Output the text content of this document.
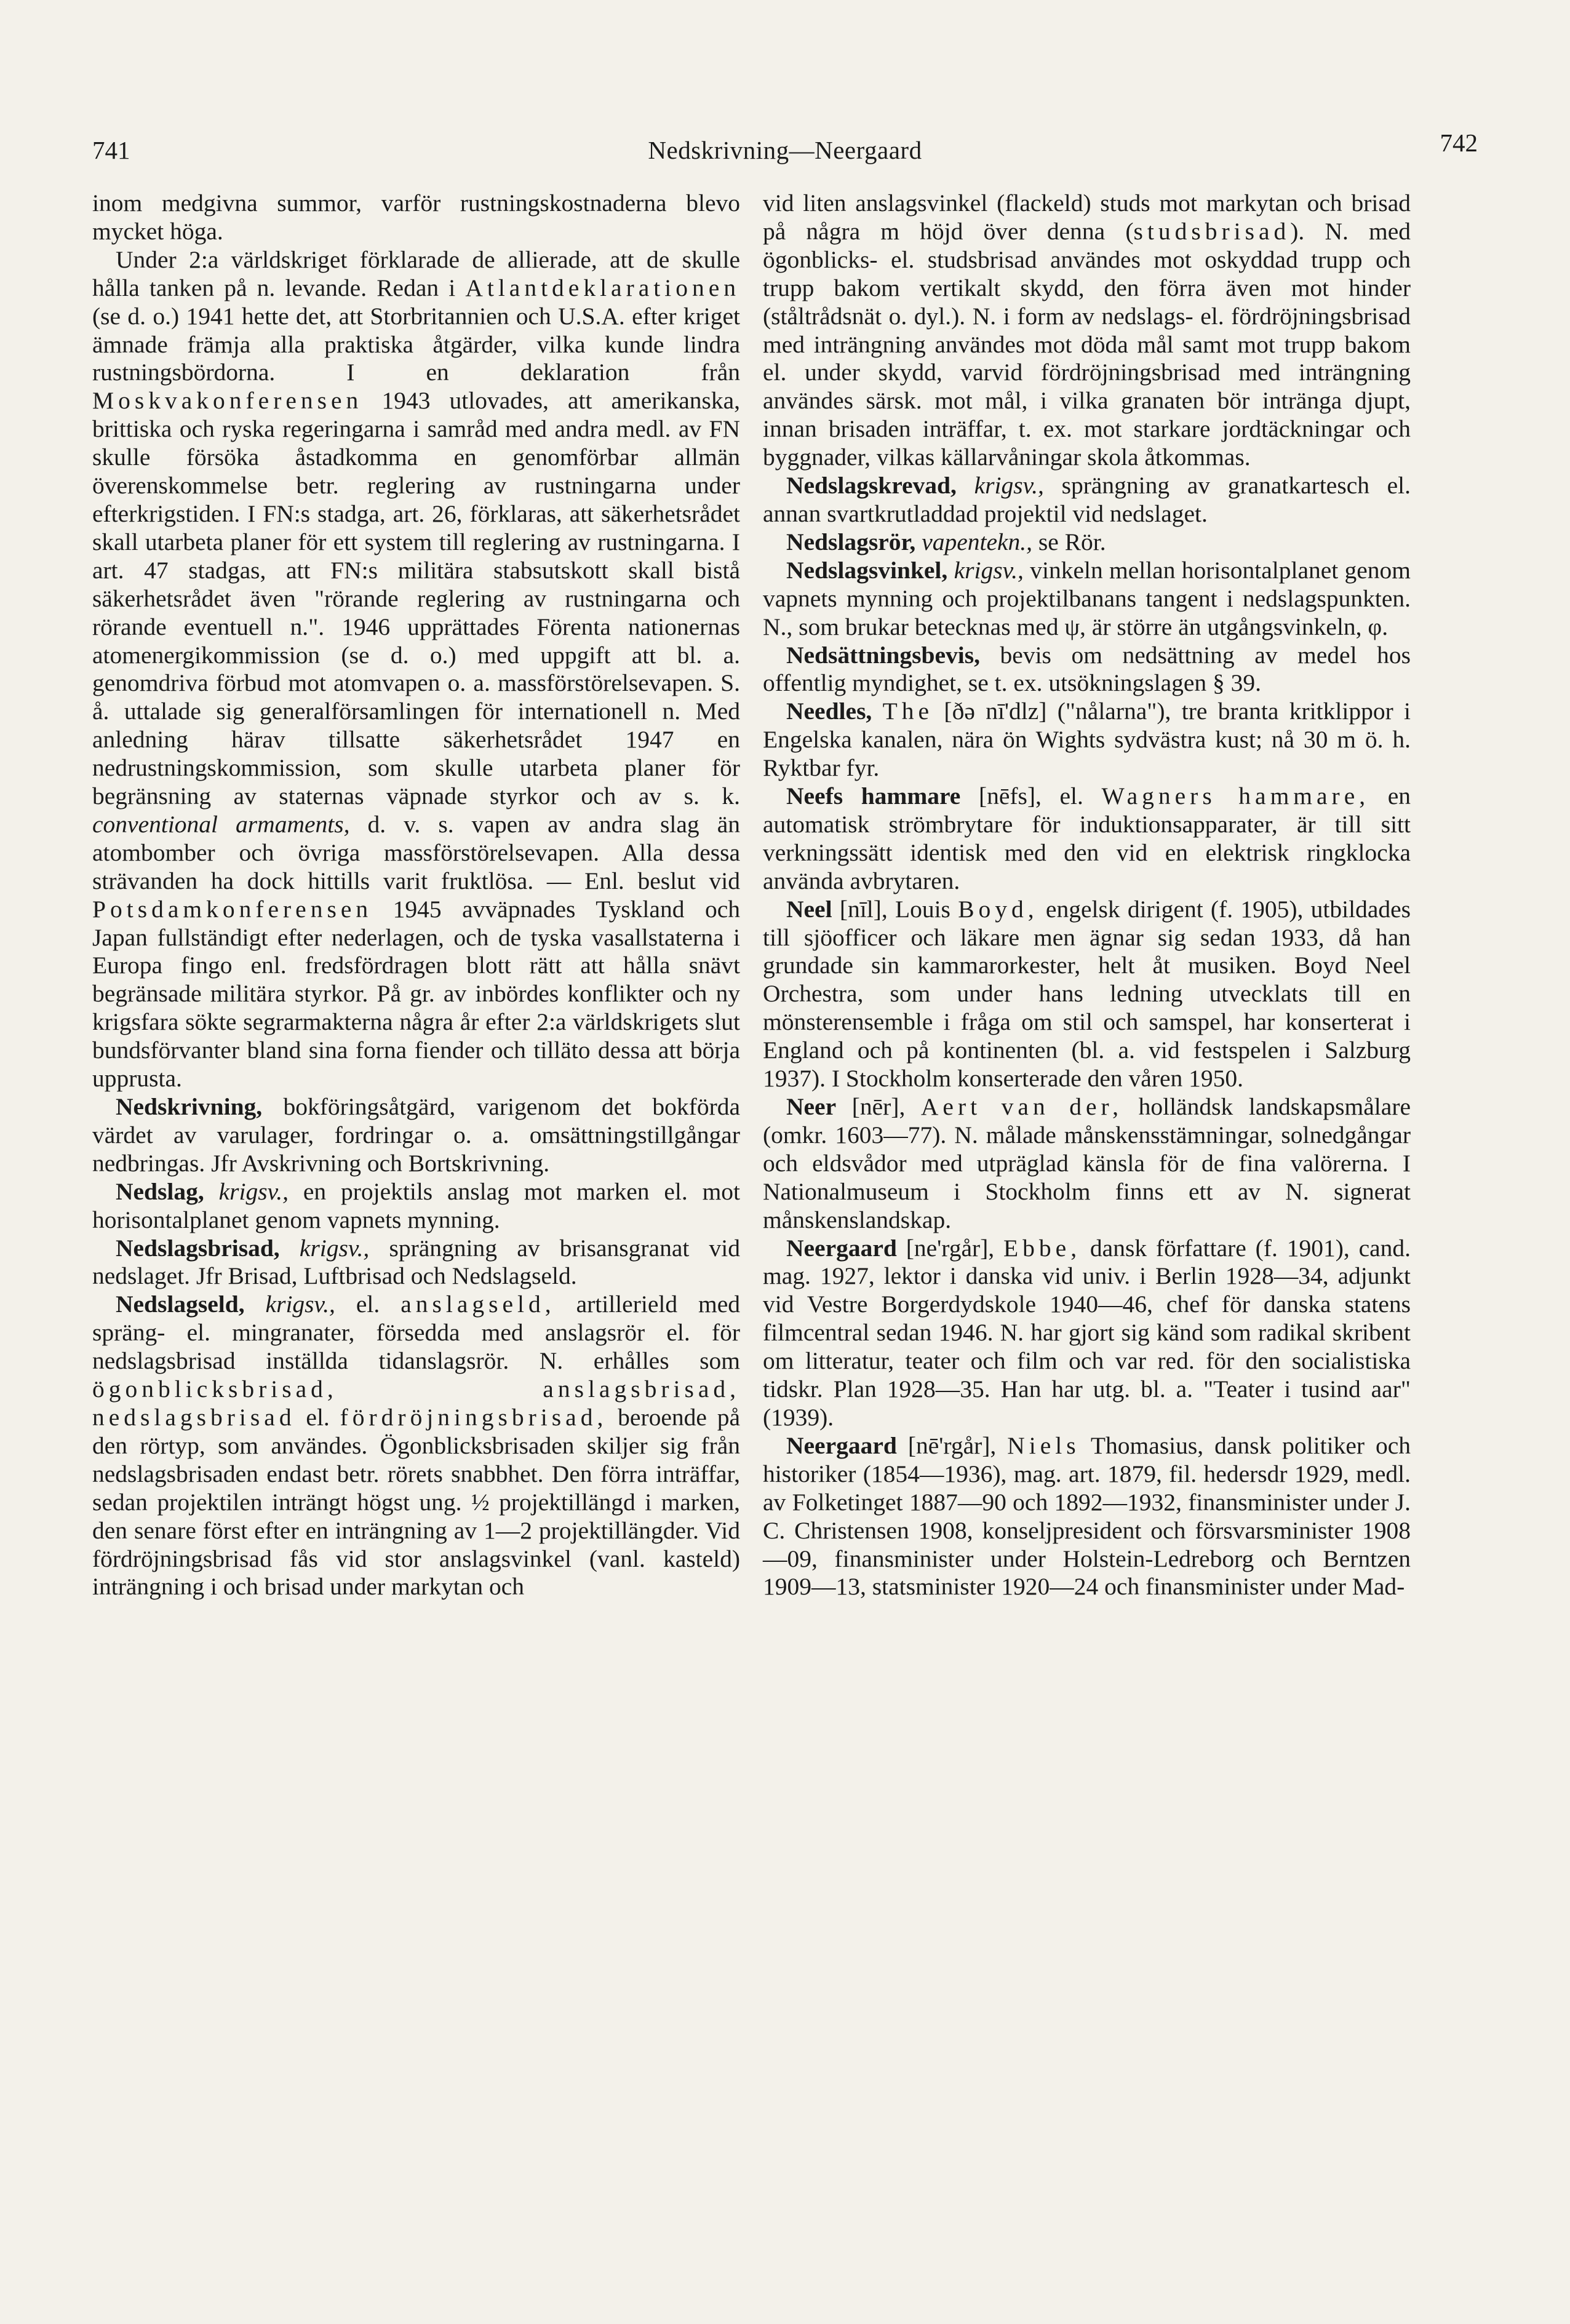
741	Nedskrivning—Neergaard	742

inom medgivna summor, varför rustningskostnaderna blevo mycket höga.

Under 2:a världskriget förklarade de allierade, att de skulle hålla tanken på n. levande. Redan i Atlantdeklarationen (se d. o.) 1941 hette det, att Storbritannien och U.S.A. efter kriget ämnade främja alla praktiska åtgärder, vilka kunde lindra rustningsbördorna. I en deklaration från Moskvakonferensen 1943 utlovades, att amerikanska, brittiska och ryska regeringarna i samråd med andra medl. av FN skulle försöka åstadkomma en genomförbar allmän överenskommelse betr. reglering av rustningarna under efterkrigstiden. I FN:s stadga, art. 26, förklaras, att säkerhetsrådet skall utarbeta planer för ett system till reglering av rustningarna. I art. 47 stadgas, att FN:s militära stabsutskott skall bistå säkerhetsrådet även "rörande reglering av rustningarna och rörande eventuell n.". 1946 upprättades Förenta nationernas atomenergikommission (se d. o.) med uppgift att bl. a. genomdriva förbud mot atomvapen o. a. massförstörelsevapen. S. å. uttalade sig generalförsamlingen för internationell n. Med anledning härav tillsatte säkerhetsrådet 1947 en nedrustningskommission, som skulle utarbeta planer för begränsning av staternas väpnade styrkor och av s. k. conventional armaments, d. v. s. vapen av andra slag än atombomber och övriga massförstörelsevapen. Alla dessa strävanden ha dock hittills varit fruktlösa. — Enl. beslut vid Potsdamkonferensen 1945 avväpnades Tyskland och Japan fullständigt efter nederlagen, och de tyska vasallstaterna i Europa fingo enl. fredsfördragen blott rätt att hålla snävt begränsade militära styrkor. På gr. av inbördes konflikter och ny krigsfara sökte segrarmakterna några år efter 2:a världskrigets slut bundsförvanter bland sina forna fiender och tilläto dessa att börja upprusta.

Nedskrivning, bokföringsåtgärd, varigenom det bokförda värdet av varulager, fordringar o. a. omsättningstillgångar nedbringas. Jfr Avskrivning och Bortskrivning.

Nedslag, krigsv., en projektils anslag mot marken el. mot horisontalplanet genom vapnets mynning.

Nedslagsbrisad, krigsv., sprängning av brisansgranat vid nedslaget. Jfr Brisad, Luftbrisad och Nedslagseld.

Nedslagseld, krigsv., el. anslagseld, artillerield med spräng- el. mingranater, försedda med anslagsrör el. för nedslagsbrisad inställda tidanslagsrör. N. erhålles som ögonblicksbrisad, anslagsbrisad, nedslagsbrisad el. fördröjningsbrisad, beroende på den rörtyp, som användes. Ögonblicksbrisaden skiljer sig från nedslagsbrisaden endast betr. rörets snabbhet. Den förra inträffar, sedan projektilen inträngt högst ung. ½ projektillängd i marken, den senare först efter en inträngning av 1—2 projektillängder. Vid fördröjningsbrisad fås vid stor anslagsvinkel (vanl. kasteld) inträngning i och brisad under markytan och

vid liten anslagsvinkel (flackeld) studs mot markytan och brisad på några m höjd över denna (studsbrisad). N. med ögonblicks- el. studsbrisad användes mot oskyddad trupp och trupp bakom vertikalt skydd, den förra även mot hinder (ståltrådsnät o. dyl.). N. i form av nedslags- el. fördröjningsbrisad med inträngning användes mot döda mål samt mot trupp bakom el. under skydd, varvid fördröjningsbrisad med inträngning användes särsk. mot mål, i vilka granaten bör intränga djupt, innan brisaden inträffar, t. ex. mot starkare jordtäckningar och byggnader, vilkas källarvåningar skola åtkommas.

Nedslagskrevad, krigsv., sprängning av granatkartesch el. annan svartkrutladdad projektil vid nedslaget.

Nedslagsrör, vapentekn., se Rör.

Nedslagsvinkel, krigsv., vinkeln mellan horisontalplanet genom vapnets mynning och projektilbanans tangent i nedslagspunkten. N., som brukar betecknas med ψ, är större än utgångsvinkeln, φ.

Nedsättningsbevis, bevis om nedsättning av medel hos offentlig myndighet, se t. ex. utsökningslagen § 39.

Needles, The [ðə nī'dlz] ("nålarna"), tre branta kritklippor i Engelska kanalen, nära ön Wights sydvästra kust; nå 30 m ö. h. Ryktbar fyr.

Neefs hammare [nēfs], el. Wagners hammare, en automatisk strömbrytare för induktionsapparater, är till sitt verkningssätt identisk med den vid en elektrisk ringklocka använda avbrytaren.

Neel [nīl], Louis Boyd, engelsk dirigent (f. 1905), utbildades till sjöofficer och läkare men ägnar sig sedan 1933, då han grundade sin kammarorkester, helt åt musiken. Boyd Neel Orchestra, som under hans ledning utvecklats till en mönsterensemble i fråga om stil och samspel, har konserterat i England och på kontinenten (bl. a. vid festspelen i Salzburg 1937). I Stockholm konserterade den våren 1950.

Neer [nēr], Aert van der, holländsk landskapsmålare (omkr. 1603—77). N. målade månskensstämningar, solnedgångar och eldsvådor med utpräglad känsla för de fina valörerna. I Nationalmuseum i Stockholm finns ett av N. signerat månskenslandskap.

Neergaard [ne'rgår], Ebbe, dansk författare (f. 1901), cand. mag. 1927, lektor i danska vid univ. i Berlin 1928—34, adjunkt vid Vestre Borgerdydskole 1940—46, chef för danska statens filmcentral sedan 1946. N. har gjort sig känd som radikal skribent om litteratur, teater och film och var red. för den socialistiska tidskr. Plan 1928—35. Han har utg. bl. a. "Teater i tusind aar" (1939).

Neergaard [nē'rgår], Niels Thomasius, dansk politiker och historiker (1854—1936), mag. art. 1879, fil. hedersdr 1929, medl. av Folketinget 1887—90 och 1892—1932, finansminister under J. C. Christensen 1908, konseljpresident och försvarsminister 1908—09, finansminister under Holstein-Ledreborg och Berntzen 1909—13, statsminister 1920—24 och finansminister under Mad-
